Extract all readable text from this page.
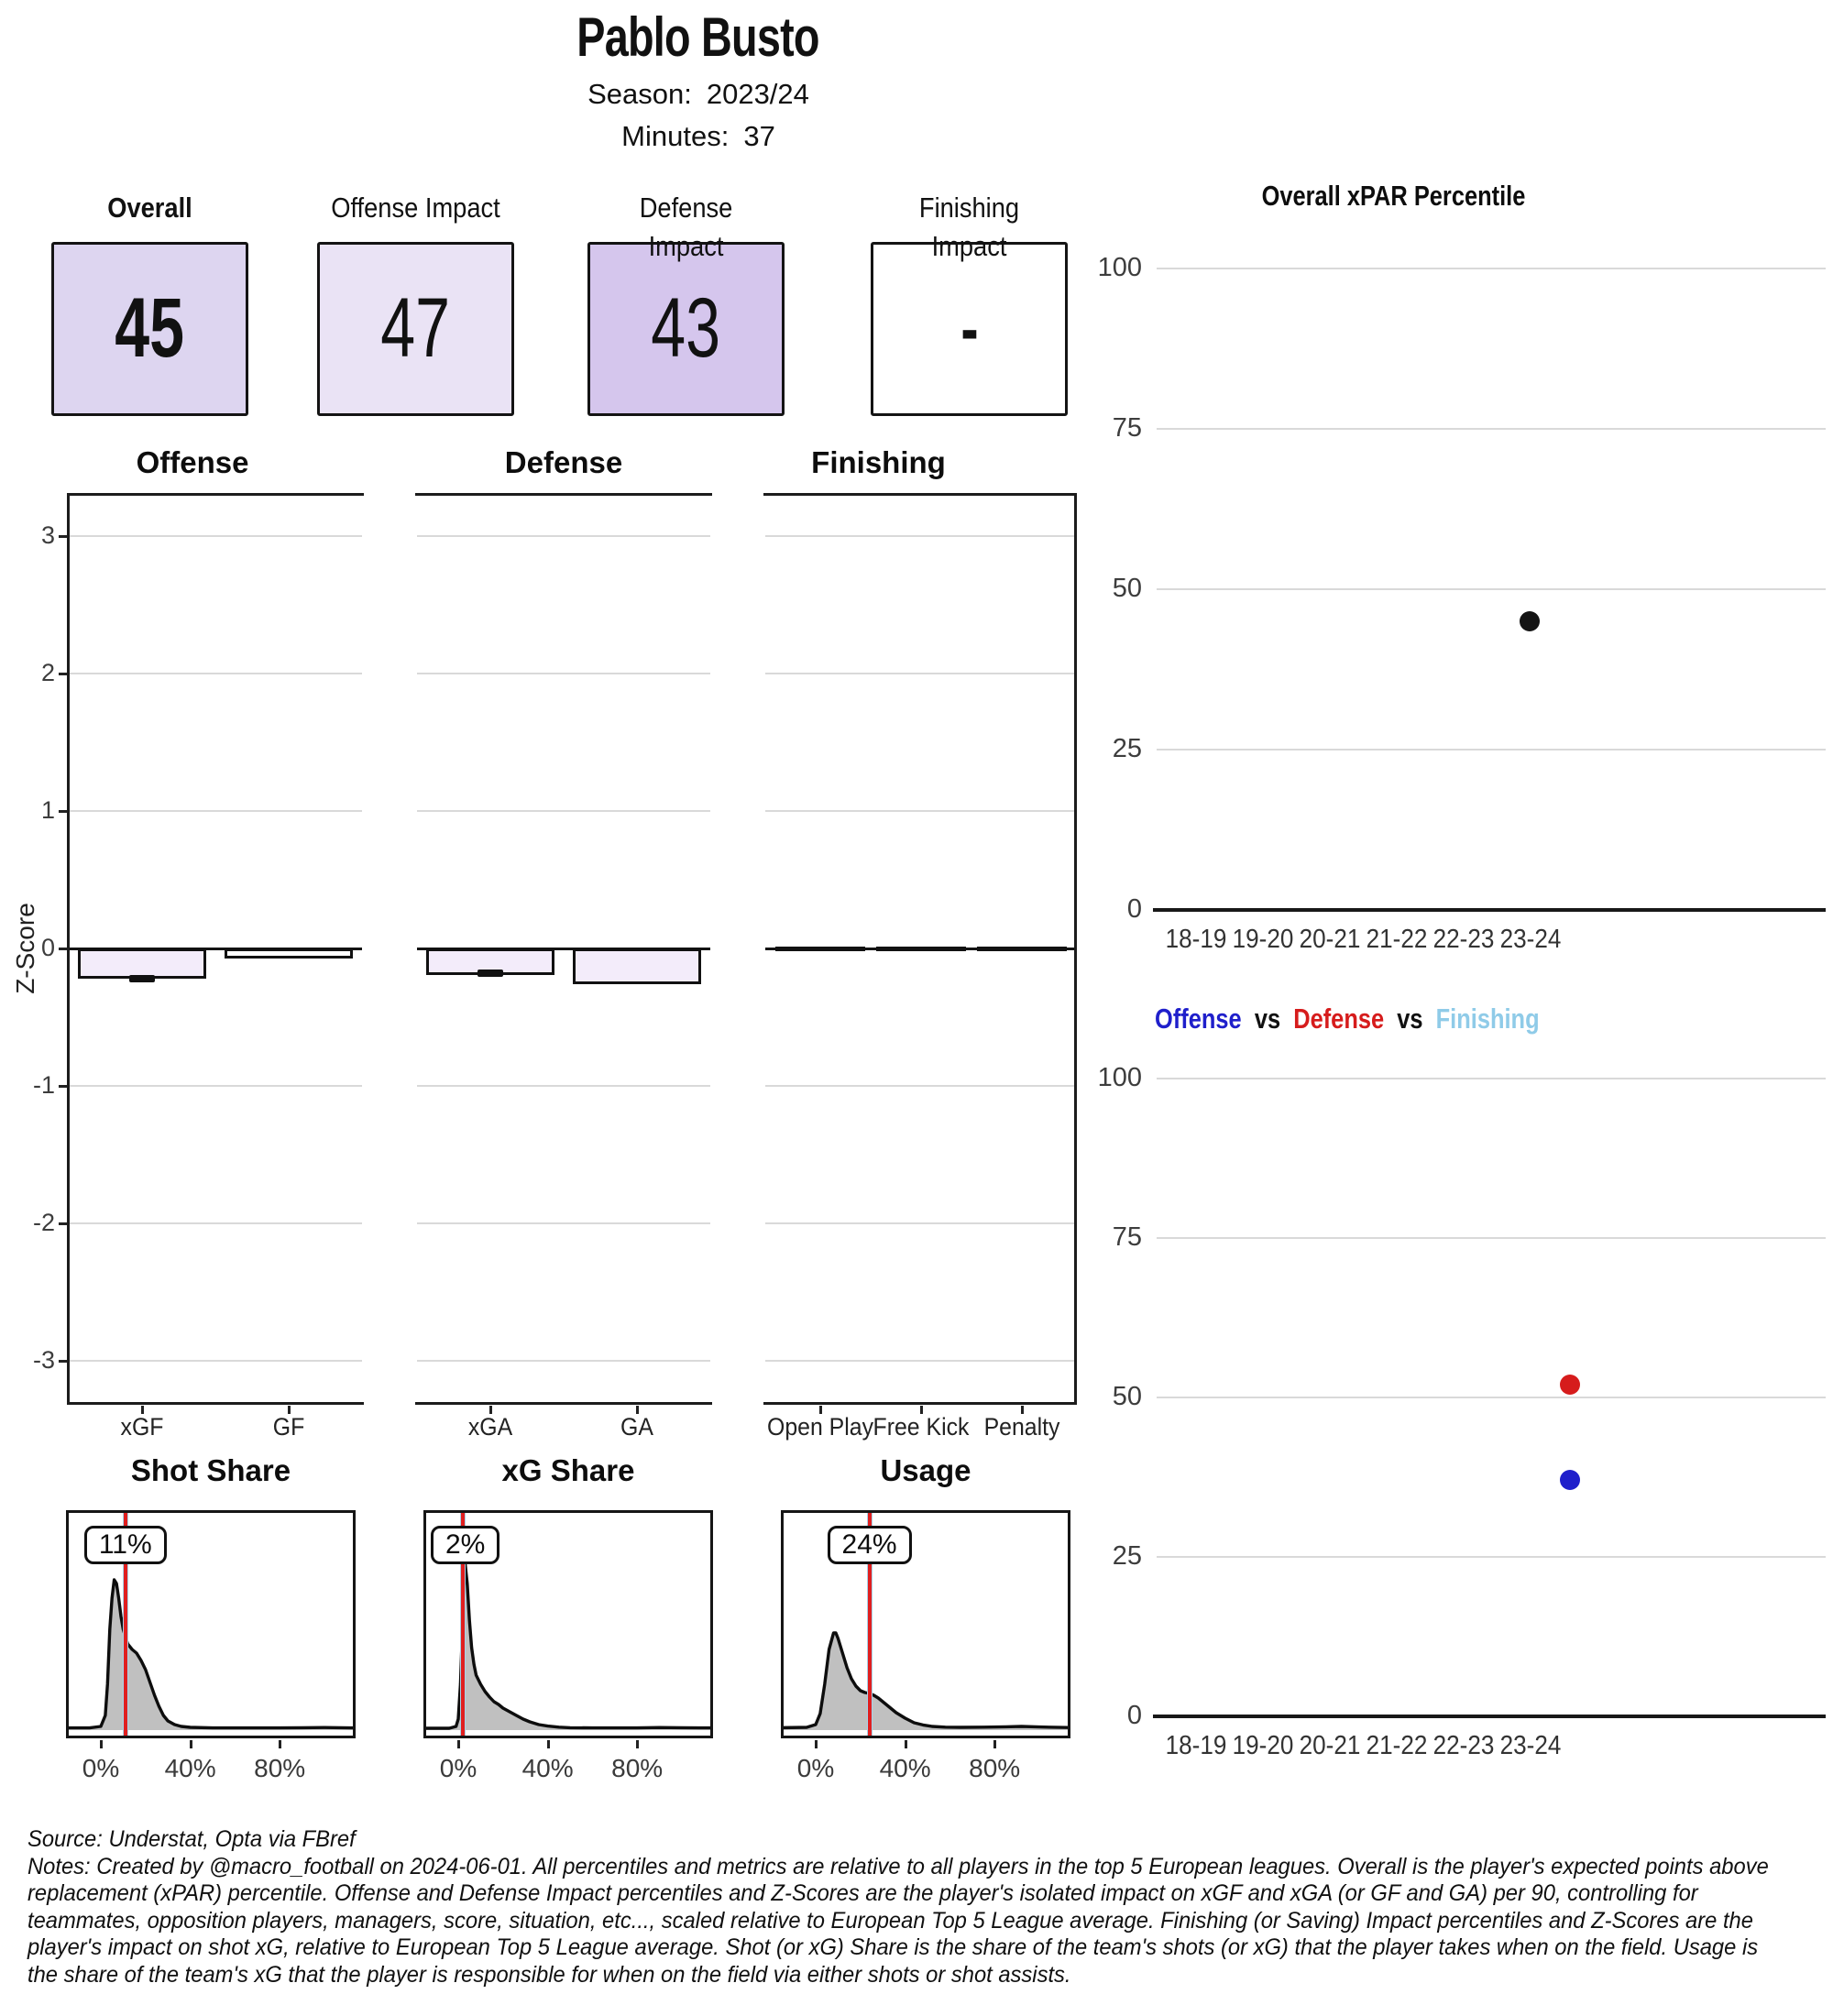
Pablo Busto
Season: 2023/24
Minutes: 37
Overall
45
Offense Impact
47
Defense Impact
43
Finishing Impact
-
Z-Score
3
2
1
0
-1
-2
-3
Offense
xGF	GF
Defense
xGA	GA
Finishing
Open Play Free Kick Penalty
Shot Share
11%
0%	40%	80%
xG Share
2%
0%	40%	80%
Usage
24%
0%	40%	80%
100
75
50
25
0
18-19 19-20 20-21 21-22 22-23 23-24
Overall xPAR Percentile
100
75
50
25
0
18-19 19-20 20-21 21-22 22-23 23-24
Offense  vs  Defense  vs  Finishing
Source: Understat, Opta via FBref
Notes: Created by @macro_football on 2024-06-01. All percentiles and metrics are relative to all players in the top 5 European leagues. Overall is the player's expected points above
replacement (xPAR) percentile. Offense and Defense Impact percentiles and Z-Scores are the player's isolated impact on xGF and xGA (or GF and GA) per 90, controlling for
teammates, opposition players, managers, score, situation, etc..., scaled relative to European Top 5 League average. Finishing (or Saving) Impact percentiles and Z-Scores are the
player's impact on shot xG, relative to European Top 5 League average. Shot (or xG) Share is the share of the team's shots (or xG) that the player takes when on the field. Usage is
the share of the team's xG that the player is responsible for when on the field via either shots or shot assists.
